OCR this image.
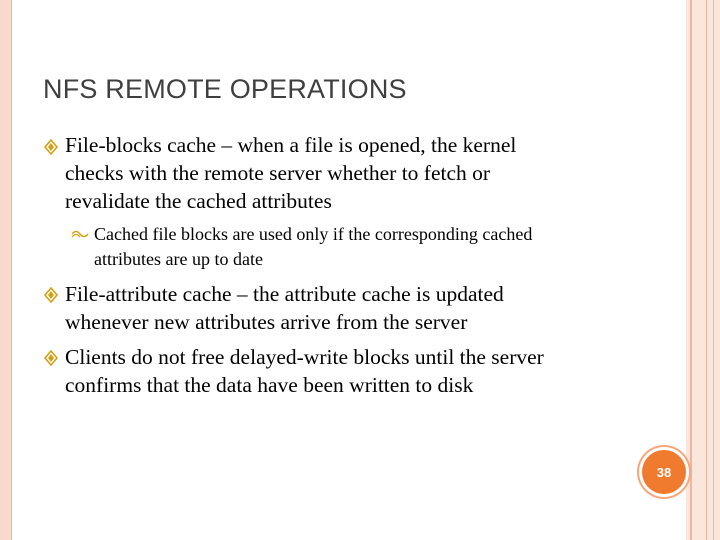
NFS REMOTE OPERATIONS
File-blocks cache – when a file is opened, the kernel
checks with the remote server whether to fetch or
revalidate the cached attributes
Cached file blocks are used only if the corresponding cached
attributes are up to date
File-attribute cache – the attribute cache is updated
whenever new attributes arrive from the server
Clients do not free delayed-write blocks until the server
confirms that the data have been written to disk
38
